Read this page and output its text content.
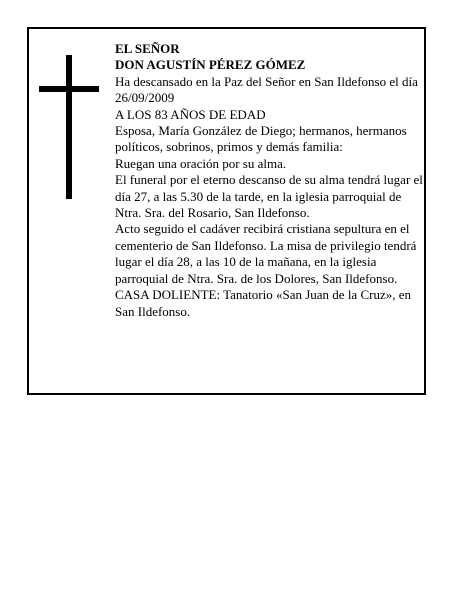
EL SEÑOR

DON AGUSTÍN PÉREZ GÓMEZ

Ha descansado en la Paz del Señor en San Ildefonso el día 26/09/2009

A LOS 83 AÑOS DE EDAD

Esposa, María González de Diego; hermanos, hermanos políticos, sobrinos, primos y demás familia:

Ruegan una oración por su alma.

El funeral por el eterno descanso de su alma tendrá lugar el día 27, a las 5.30 de la tarde, en la iglesia parroquial de Ntra. Sra. del Rosario, San Ildefonso.

Acto seguido el cadáver recibirá cristiana sepultura en el cementerio de San Ildefonso. La misa de privilegio tendrá lugar el día 28, a las 10 de la mañana, en la iglesia parroquial de Ntra. Sra. de los Dolores, San Ildefonso.

CASA DOLIENTE: Tanatorio «San Juan de la Cruz», en San Ildefonso.
